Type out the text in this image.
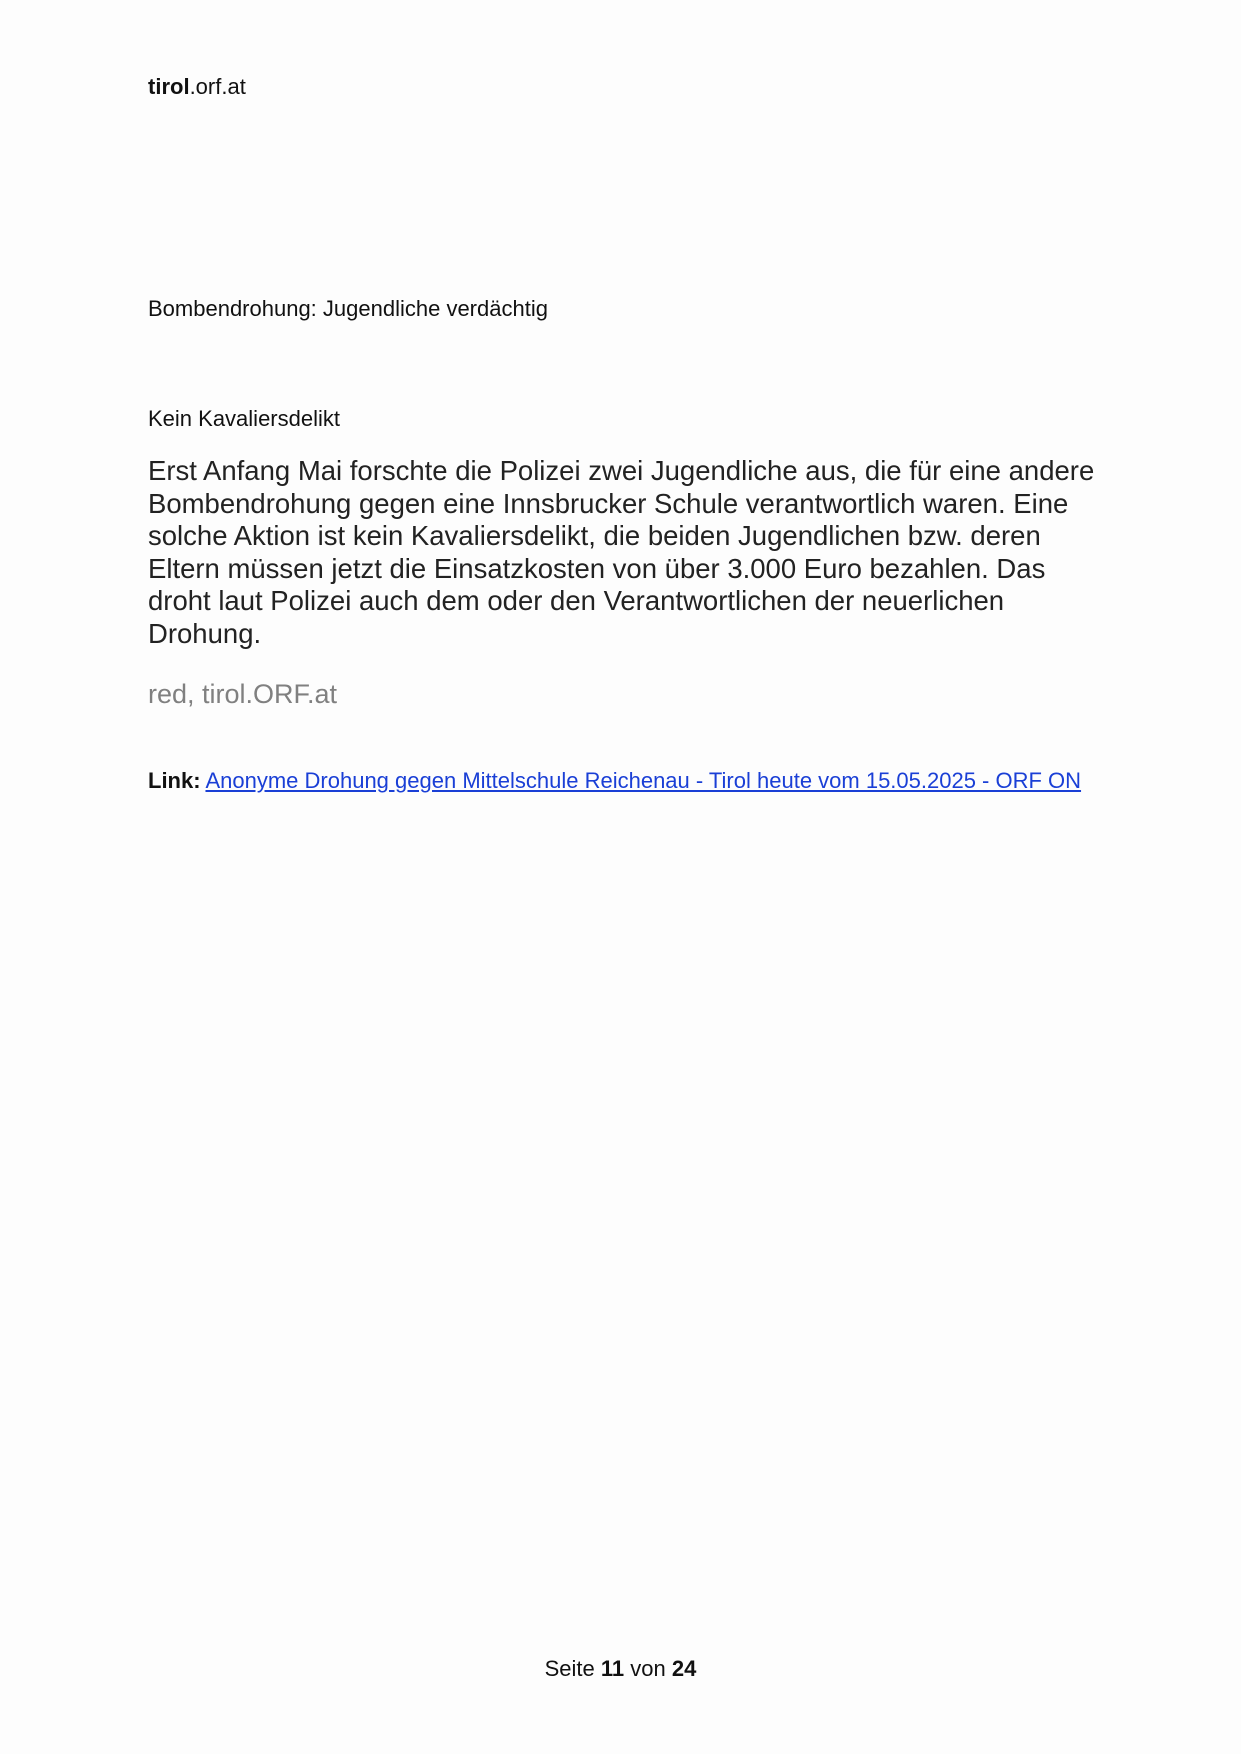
tirol.orf.at
Bombendrohung: Jugendliche verdächtig
Kein Kavaliersdelikt

Erst Anfang Mai forschte die Polizei zwei Jugendliche aus, die für eine andere Bombendrohung gegen eine Innsbrucker Schule verantwortlich waren. Eine solche Aktion ist kein Kavaliersdelikt, die beiden Jugendlichen bzw. deren Eltern müssen jetzt die Einsatzkosten von über 3.000 Euro bezahlen. Das droht laut Polizei auch dem oder den Verantwortlichen der neuerlichen Drohung.

red, tirol.ORF.at
Link: Anonyme Drohung gegen Mittelschule Reichenau - Tirol heute vom 15.05.2025 - ORF ON
Seite 11 von 24
